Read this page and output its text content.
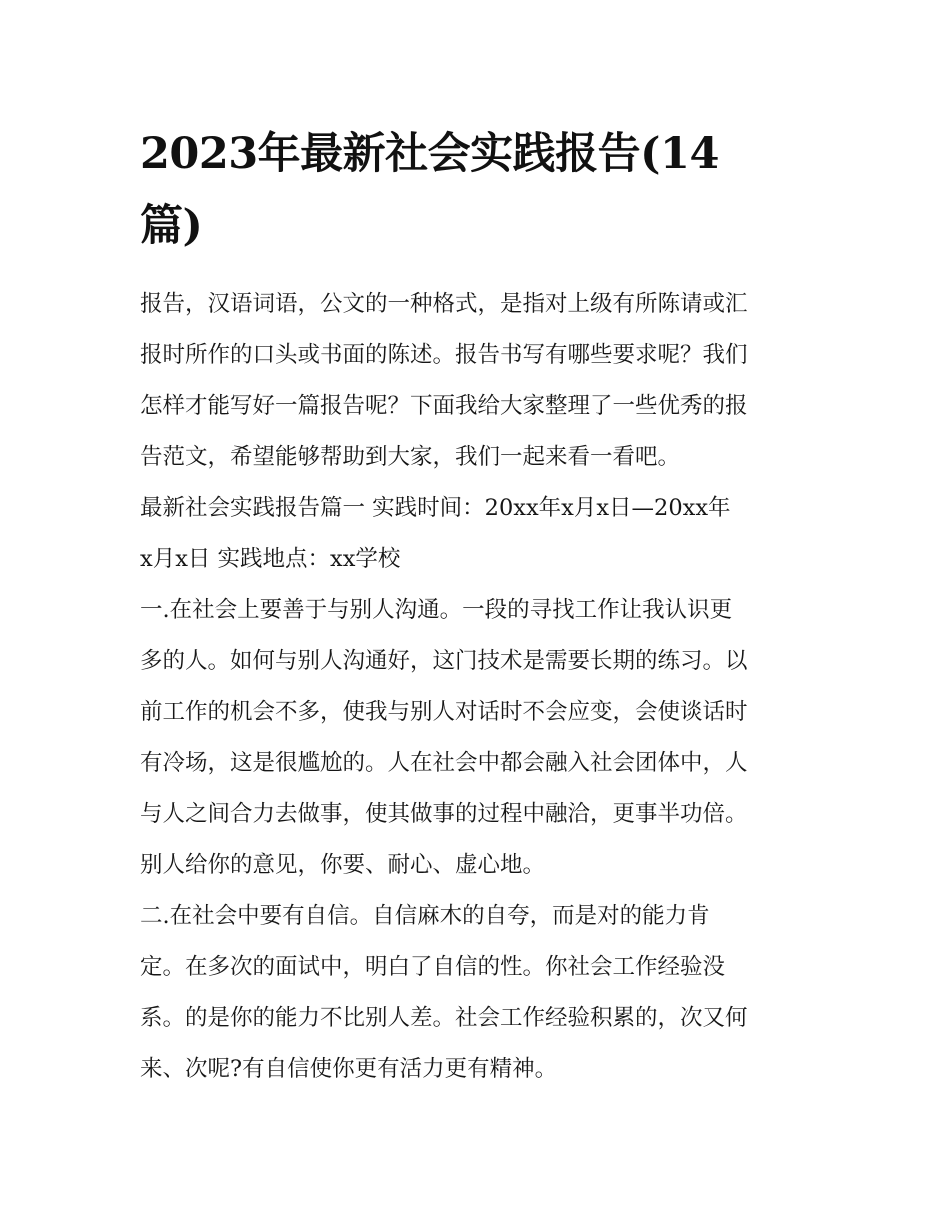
2023年最新社会实践报告(14
篇)
报告，汉语词语，公文的一种格式，是指对上级有所陈请或汇
报时所作的口头或书面的陈述。报告书写有哪些要求呢？我们
怎样才能写好一篇报告呢？下面我给大家整理了一些优秀的报
告范文，希望能够帮助到大家，我们一起来看一看吧。
最新社会实践报告篇一 实践时间：20xx年x月x日—20xx年
x月x日 实践地点：xx学校
一.在社会上要善于与别人沟通。一段的寻找工作让我认识更
多的人。如何与别人沟通好，这门技术是需要长期的练习。以
前工作的机会不多，使我与别人对话时不会应变，会使谈话时
有冷场，这是很尴尬的。人在社会中都会融入社会团体中，人
与人之间合力去做事，使其做事的过程中融洽，更事半功倍。
别人给你的意见，你要、耐心、虚心地。
二.在社会中要有自信。自信麻木的自夸，而是对的能力肯
定。在多次的面试中，明白了自信的性。你社会工作经验没
系。的是你的能力不比别人差。社会工作经验积累的，次又何
来、次呢?有自信使你更有活力更有精神。
